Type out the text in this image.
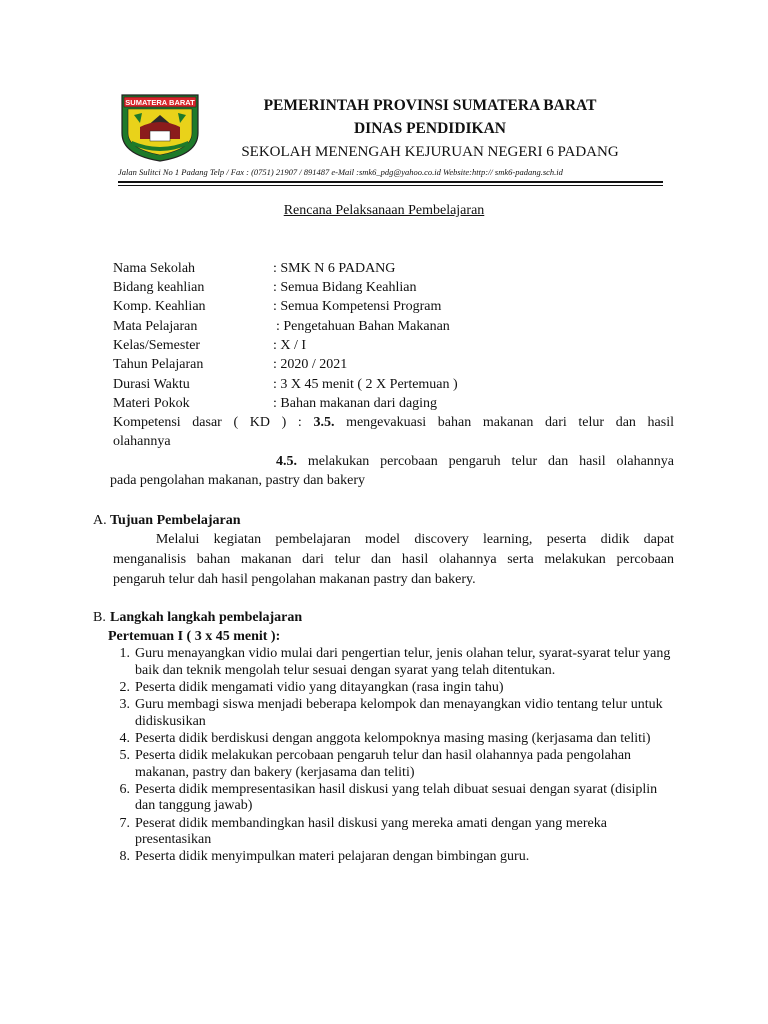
SUMATERA BARAT	PEMERINTAH PROVINSI SUMATERA BARAT
DINAS PENDIDIKAN
SEKOLAH MENENGAH KEJURUAN NEGERI 6 PADANG
Jalan Sulitci No 1 Padang Telp / Fax : (0751) 21907 / 891487 e-Mail :smk6_pdg@yahoo.co.id Website:http:// smk6-padang.sch.id
Rencana Pelaksanaan Pembelajaran
Nama Sekolah	: SMK N 6 PADANG
Bidang keahlian	: Semua Bidang Keahlian
Komp. Keahlian	: Semua Kompetensi Program
Mata Pelajaran	: Pengetahuan Bahan Makanan
Kelas/Semester	: X / I
Tahun Pelajaran	: 2020 / 2021
Durasi Waktu	: 3 X 45 menit ( 2 X Pertemuan )
Materi Pokok	: Bahan makanan dari daging
Kompetensi dasar ( KD ) : 3.5. mengevakuasi bahan makanan dari telur dan hasil
olahannya
4.5. melakukan percobaan pengaruh telur dan hasil olahannya
pada pengolahan makanan, pastry dan bakery
A. Tujuan Pembelajaran
Melalui kegiatan pembelajaran model discovery learning, peserta didik dapat
menganalisis bahan makanan dari telur dan hasil olahannya serta melakukan percobaan
pengaruh telur dah hasil pengolahan makanan pastry dan bakery.
B. Langkah langkah pembelajaran
Pertemuan I ( 3 x 45 menit ):
1. Guru menayangkan vidio mulai dari pengertian telur, jenis olahan telur, syarat-syarat telur yang baik dan teknik mengolah telur sesuai dengan syarat yang telah ditentukan.
2. Peserta didik mengamati vidio yang ditayangkan (rasa ingin tahu)
3. Guru membagi siswa menjadi beberapa kelompok dan menayangkan vidio tentang telur untuk didiskusikan
4. Peserta didik berdiskusi dengan anggota kelompoknya masing masing (kerjasama dan teliti)
5. Peserta didik melakukan percobaan pengaruh telur dan hasil olahannya pada pengolahan makanan, pastry dan bakery (kerjasama dan teliti)
6. Peserta didik mempresentasikan hasil diskusi yang telah dibuat sesuai dengan syarat (disiplin dan tanggung jawab)
7. Peserat didik membandingkan hasil diskusi yang mereka amati dengan yang mereka presentasikan
8. Peserta didik menyimpulkan materi pelajaran dengan bimbingan guru.
